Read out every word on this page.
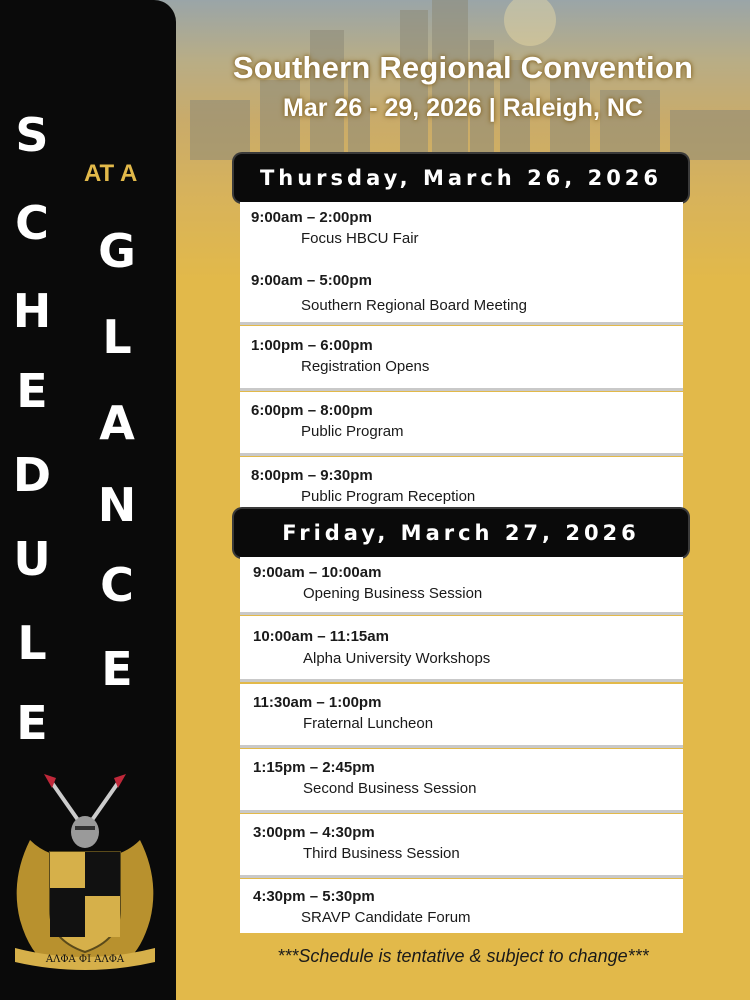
S
C
H
E
D
U
L
E
AT A
G
L
A
N
C
E
ΑΛΦΑ ΦΙ ΑΛΦΑ
Southern Regional Convention
Mar 26 - 29, 2026 | Raleigh, NC
Thursday, March 26, 2026
9:00am – 2:00pm
Focus HBCU Fair
9:00am – 5:00pm
Southern Regional Board Meeting
1:00pm – 6:00pm
Registration Opens
6:00pm – 8:00pm
Public Program
8:00pm – 9:30pm
Public Program Reception
Friday, March 27, 2026
9:00am – 10:00am
Opening Business Session
10:00am – 11:15am
Alpha University Workshops
11:30am – 1:00pm
Fraternal Luncheon
1:15pm – 2:45pm
Second Business Session
3:00pm – 4:30pm
Third Business Session
4:30pm – 5:30pm
SRAVP Candidate Forum
***Schedule is tentative & subject to change***
